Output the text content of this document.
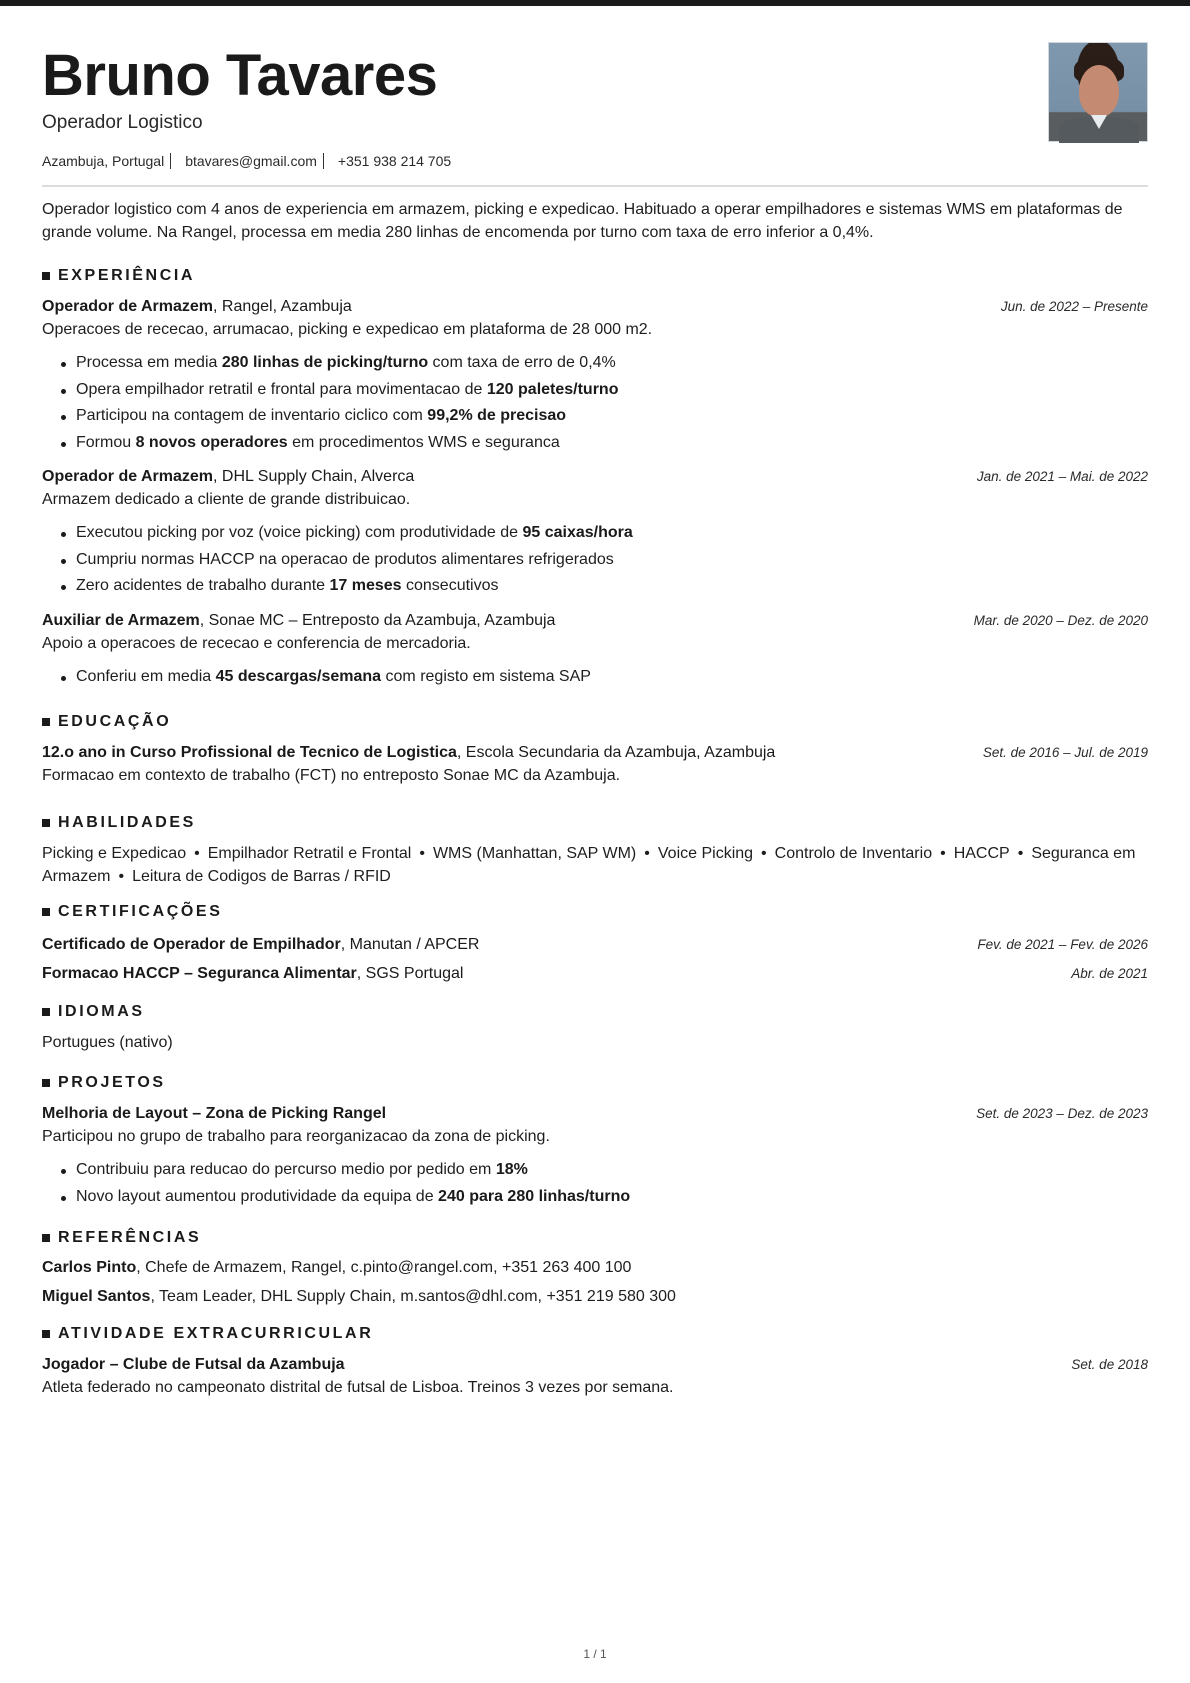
Bruno Tavares
Operador Logistico
Azambuja, Portugal btavares@gmail.com +351 938 214 705
Operador logistico com 4 anos de experiencia em armazem, picking e expedicao. Habituado a operar empilhadores e sistemas WMS em plataformas de grande volume. Na Rangel, processa em media 280 linhas de encomenda por turno com taxa de erro inferior a 0,4%.
EXPERIÊNCIA
Operador de Armazem, Rangel, Azambuja	Jun. de 2022 – Presente
Operacoes de rececao, arrumacao, picking e expedicao em plataforma de 28 000 m2.
Processa em media 280 linhas de picking/turno com taxa de erro de 0,4%
Opera empilhador retratil e frontal para movimentacao de 120 paletes/turno
Participou na contagem de inventario ciclico com 99,2% de precisao
Formou 8 novos operadores em procedimentos WMS e seguranca
Operador de Armazem, DHL Supply Chain, Alverca	Jan. de 2021 – Mai. de 2022
Armazem dedicado a cliente de grande distribuicao.
Executou picking por voz (voice picking) com produtividade de 95 caixas/hora
Cumpriu normas HACCP na operacao de produtos alimentares refrigerados
Zero acidentes de trabalho durante 17 meses consecutivos
Auxiliar de Armazem, Sonae MC – Entreposto da Azambuja, Azambuja	Mar. de 2020 – Dez. de 2020
Apoio a operacoes de rececao e conferencia de mercadoria.
Conferiu em media 45 descargas/semana com registo em sistema SAP
EDUCAÇÃO
12.o ano in Curso Profissional de Tecnico de Logistica, Escola Secundaria da Azambuja, Azambuja	Set. de 2016 – Jul. de 2019
Formacao em contexto de trabalho (FCT) no entreposto Sonae MC da Azambuja.
HABILIDADES
Picking e Expedicao • Empilhador Retratil e Frontal • WMS (Manhattan, SAP WM) • Voice Picking • Controlo de Inventario • HACCP • Seguranca em Armazem • Leitura de Codigos de Barras / RFID
CERTIFICAÇÕES
Certificado de Operador de Empilhador, Manutan / APCER	Fev. de 2021 – Fev. de 2026
Formacao HACCP – Seguranca Alimentar, SGS Portugal	Abr. de 2021
IDIOMAS
Portugues (nativo)
PROJETOS
Melhoria de Layout – Zona de Picking Rangel	Set. de 2023 – Dez. de 2023
Participou no grupo de trabalho para reorganizacao da zona de picking.
Contribuiu para reducao do percurso medio por pedido em 18%
Novo layout aumentou produtividade da equipa de 240 para 280 linhas/turno
REFERÊNCIAS
Carlos Pinto, Chefe de Armazem, Rangel, c.pinto@rangel.com, +351 263 400 100
Miguel Santos, Team Leader, DHL Supply Chain, m.santos@dhl.com, +351 219 580 300
ATIVIDADE EXTRACURRICULAR
Jogador – Clube de Futsal da Azambuja	Set. de 2018
Atleta federado no campeonato distrital de futsal de Lisboa. Treinos 3 vezes por semana.
1 / 1
